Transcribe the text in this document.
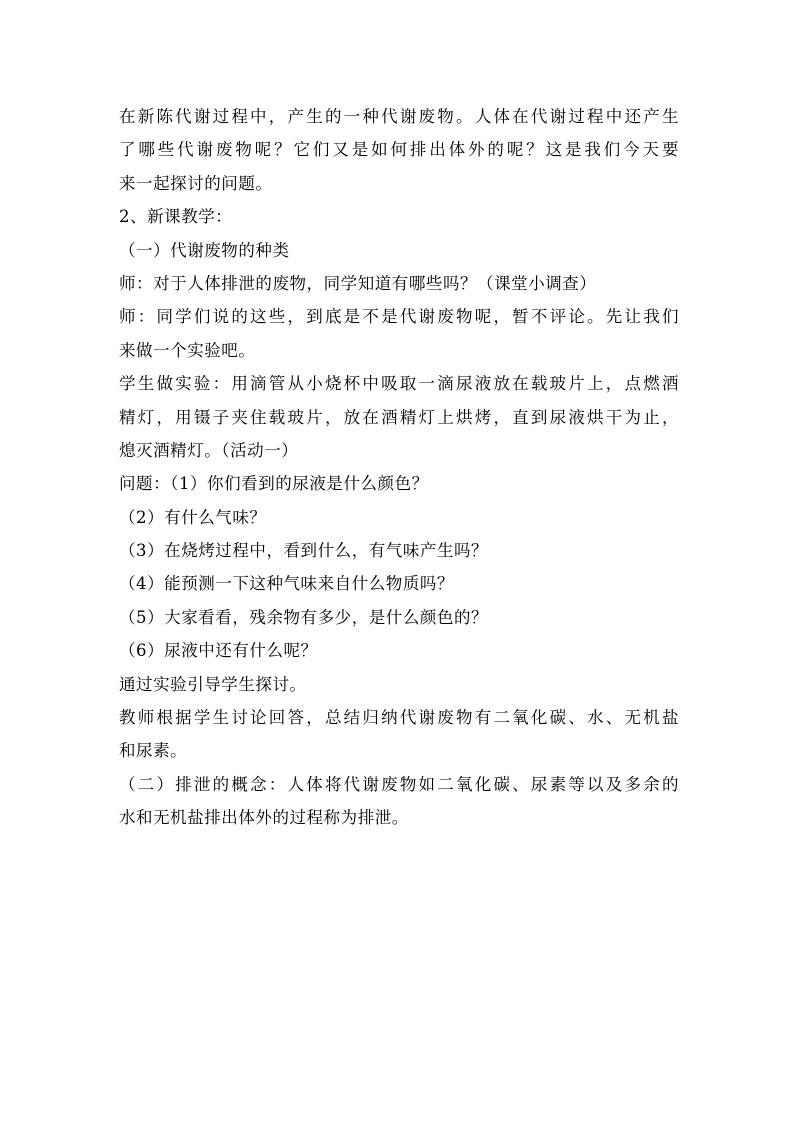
在新陈代谢过程中，产生的一种代谢废物。人体在代谢过程中还产生
了哪些代谢废物呢？它们又是如何排出体外的呢？这是我们今天要
来一起探讨的问题。
2、新课教学：
（一）代谢废物的种类
师：对于人体排泄的废物，同学知道有哪些吗？（课堂小调查）
师：同学们说的这些，到底是不是代谢废物呢，暂不评论。先让我们
来做一个实验吧。
学生做实验：用滴管从小烧杯中吸取一滴尿液放在载玻片上，点燃酒
精灯，用镊子夹住载玻片，放在酒精灯上烘烤，直到尿液烘干为止，
熄灭酒精灯。（活动一）
问题：（1）你们看到的尿液是什么颜色？
（2）有什么气味？
（3）在烧烤过程中，看到什么，有气味产生吗？
（4）能预测一下这种气味来自什么物质吗？
（5）大家看看，残余物有多少，是什么颜色的？
（6）尿液中还有什么呢？
通过实验引导学生探讨。
教师根据学生讨论回答，总结归纳代谢废物有二氧化碳、水、无机盐
和尿素。
（二）排泄的概念：人体将代谢废物如二氧化碳、尿素等以及多余的
水和无机盐排出体外的过程称为排泄。
